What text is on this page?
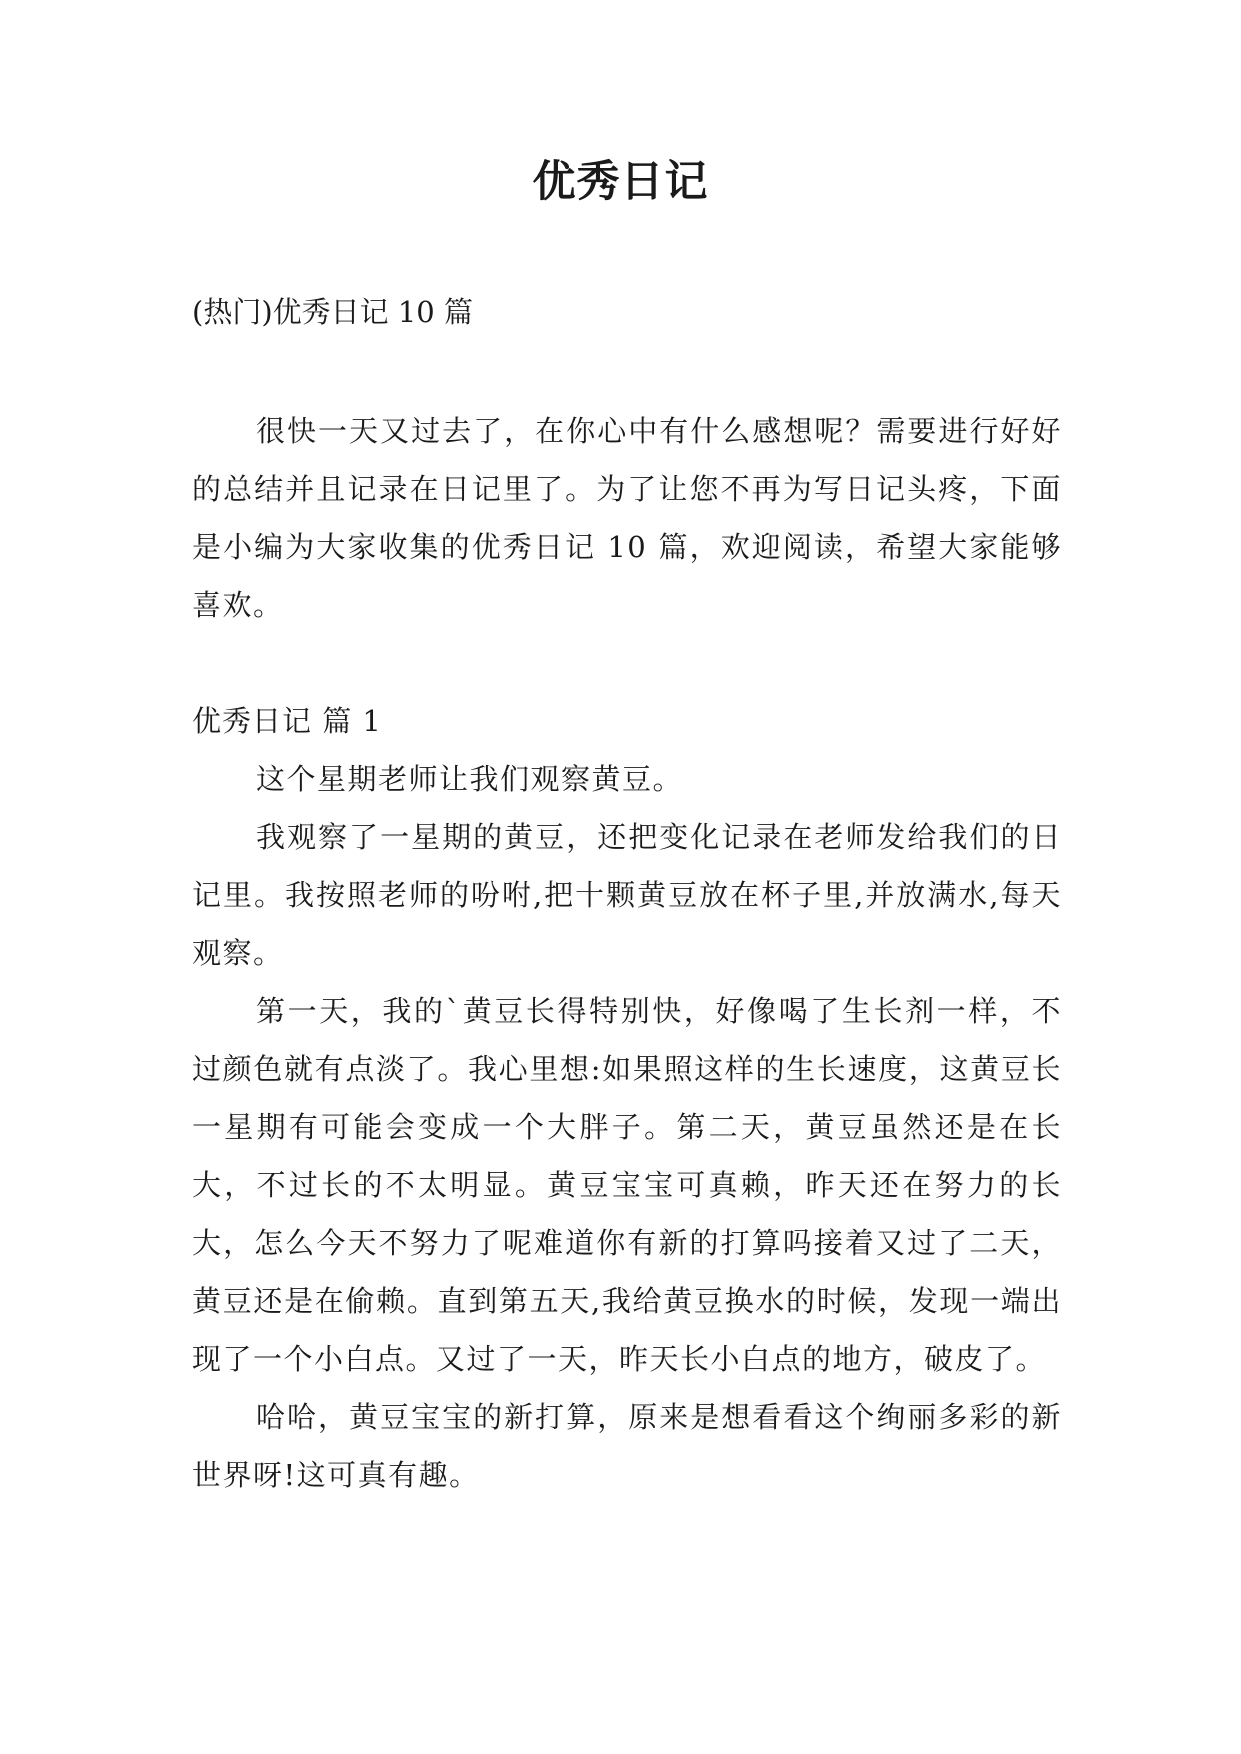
优秀日记
(热门)优秀日记 10 篇

很快一天又过去了，在你心中有什么感想呢？需要进行好好的总结并且记录在日记里了。为了让您不再为写日记头疼，下面是小编为大家收集的优秀日记 10 篇，欢迎阅读，希望大家能够喜欢。

优秀日记 篇 1

这个星期老师让我们观察黄豆。

我观察了一星期的黄豆，还把变化记录在老师发给我们的日记里。我按照老师的吩咐,把十颗黄豆放在杯子里,并放满水,每天观察。

第一天，我的`黄豆长得特别快，好像喝了生长剂一样，不过颜色就有点淡了。我心里想:如果照这样的生长速度，这黄豆长一星期有可能会变成一个大胖子。第二天，黄豆虽然还是在长大，不过长的不太明显。黄豆宝宝可真赖，昨天还在努力的长大，怎么今天不努力了呢难道你有新的打算吗接着又过了二天，黄豆还是在偷赖。直到第五天,我给黄豆换水的时候，发现一端出现了一个小白点。又过了一天，昨天长小白点的地方，破皮了。

哈哈，黄豆宝宝的新打算，原来是想看看这个绚丽多彩的新世界呀!这可真有趣。
